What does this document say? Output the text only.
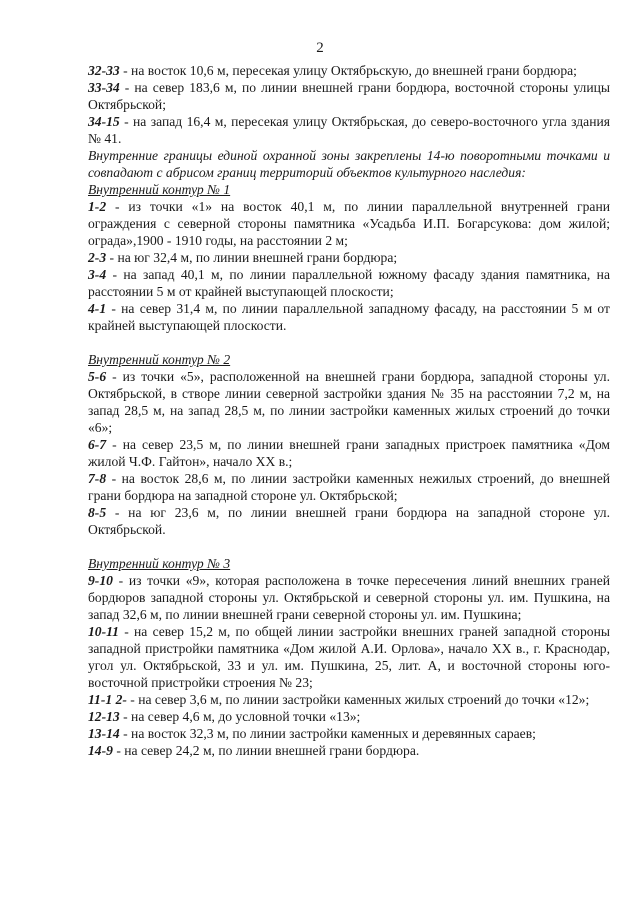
2

32-33 - на восток 10,6 м, пересекая улицу Октябрьскую, до внешней грани бордюра;

33-34 - на север 183,6 м, по линии внешней грани бордюра, восточной стороны улицы Октябрьской;

34-15 - на запад 16,4 м, пересекая улицу Октябрьская, до северо-восточного угла здания № 41.

Внутренние границы единой охранной зоны закреплены 14-ю поворотными точками и совпадают с абрисом границ территорий объектов культурного наследия:

Внутренний контур № 1

1-2 - из точки «1» на восток 40,1 м, по линии параллельной внутренней грани ограждения с северной стороны памятника «Усадьба И.П. Богарсукова: дом жилой; ограда»,1900 - 1910 годы, на расстоянии 2 м;

2-3 - на юг 32,4 м, по линии внешней грани бордюра;

3-4 - на запад 40,1 м, по линии параллельной южному фасаду здания памятника, на расстоянии 5 м от крайней выступающей плоскости;

4-1 - на север 31,4 м, по линии параллельной западному фасаду, на расстоянии 5 м от крайней выступающей плоскости.

Внутренний контур № 2

5-6 - из точки «5», расположенной на внешней грани бордюра, западной стороны ул. Октябрьской, в створе линии северной застройки здания № 35 на расстоянии 7,2 м, на запад 28,5 м, на запад 28,5 м, по линии застройки каменных жилых строений до точки «6»;

6-7 - на север 23,5 м, по линии внешней грани западных пристроек памятника «Дом жилой Ч.Ф. Гайтон», начало XX в.;

7-8 - на восток 28,6 м, по линии застройки каменных нежилых строений, до внешней грани бордюра на западной стороне ул. Октябрьской;

8-5 - на юг 23,6 м, по линии внешней грани бордюра на западной стороне ул. Октябрьской.

Внутренний контур № 3

9-10 - из точки «9», которая расположена в точке пересечения линий внешних граней бордюров западной стороны ул. Октябрьской и северной стороны ул. им. Пушкина, на запад 32,6 м, по линии внешней грани северной стороны ул. им. Пушкина;

10-11 - на север 15,2 м, по общей линии застройки внешних граней западной стороны западной пристройки памятника «Дом жилой А.И. Орлова», начало XX в., г. Краснодар, угол ул. Октябрьской, 33 и ул. им. Пушкина, 25, лит. А, и восточной стороны юго-восточной пристройки строения № 23;

11-1 2- - на север 3,6 м, по линии застройки каменных жилых строений до точки «12»;

12-13 - на север 4,6 м, до условной точки «13»;

13-14 - на восток 32,3 м, по линии застройки каменных и деревянных сараев;

14-9 - на север 24,2 м, по линии внешней грани бордюра.
